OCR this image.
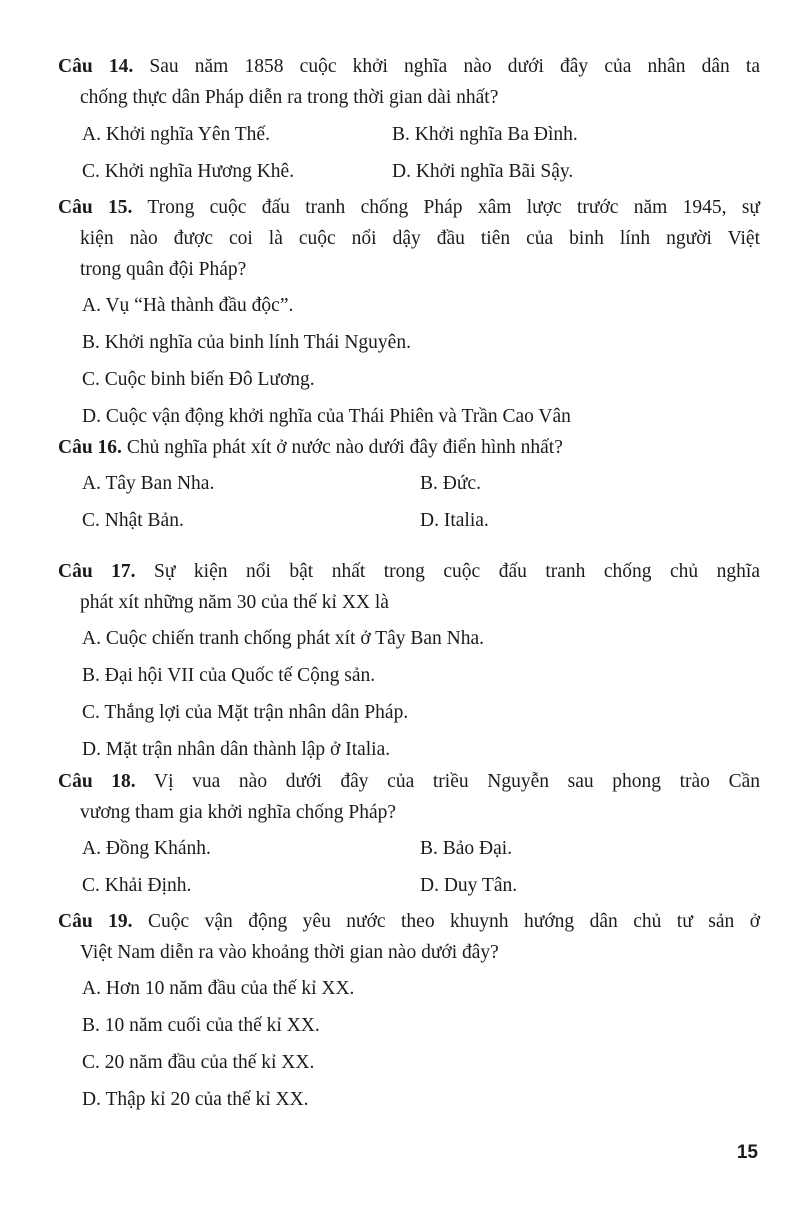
Câu 14. Sau năm 1858 cuộc khởi nghĩa nào dưới đây của nhân dân ta
chống thực dân Pháp diễn ra trong thời gian dài nhất?
A. Khởi nghĩa Yên Thế.	B. Khởi nghĩa Ba Đình.
C. Khởi nghĩa Hương Khê.	D. Khởi nghĩa Bãi Sậy.
Câu 15. Trong cuộc đấu tranh chống Pháp xâm lược trước năm 1945, sự
kiện nào được coi là cuộc nổi dậy đầu tiên của binh lính người Việt
trong quân đội Pháp?
A. Vụ “Hà thành đầu độc”.
B. Khởi nghĩa của binh lính Thái Nguyên.
C. Cuộc binh biến Đô Lương.
D. Cuộc vận động khởi nghĩa của Thái Phiên và Trần Cao Vân
Câu 16. Chủ nghĩa phát xít ở nước nào dưới đây điển hình nhất?
A. Tây Ban Nha.	B. Đức.
C. Nhật Bản.	D. Italia.
Câu 17. Sự kiện nổi bật nhất trong cuộc đấu tranh chống chủ nghĩa
phát xít những năm 30 của thế kỉ XX là
A. Cuộc chiến tranh chống phát xít ở Tây Ban Nha.
B. Đại hội VII của Quốc tế Cộng sản.
C. Thắng lợi của Mặt trận nhân dân Pháp.
D. Mặt trận nhân dân thành lập ở Italia.
Câu 18. Vị vua nào dưới đây của triều Nguyễn sau phong trào Cần
vương tham gia khởi nghĩa chống Pháp?
A. Đồng Khánh.	B. Bảo Đại.
C. Khải Định.	D. Duy Tân.
Câu 19. Cuộc vận động yêu nước theo khuynh hướng dân chủ tư sản ở
Việt Nam diễn ra vào khoảng thời gian nào dưới đây?
A. Hơn 10 năm đầu của thế kỉ XX.
B. 10 năm cuối của thế kỉ XX.
C. 20 năm đầu của thế kỉ XX.
D. Thập kỉ 20 của thế kỉ XX.
15
